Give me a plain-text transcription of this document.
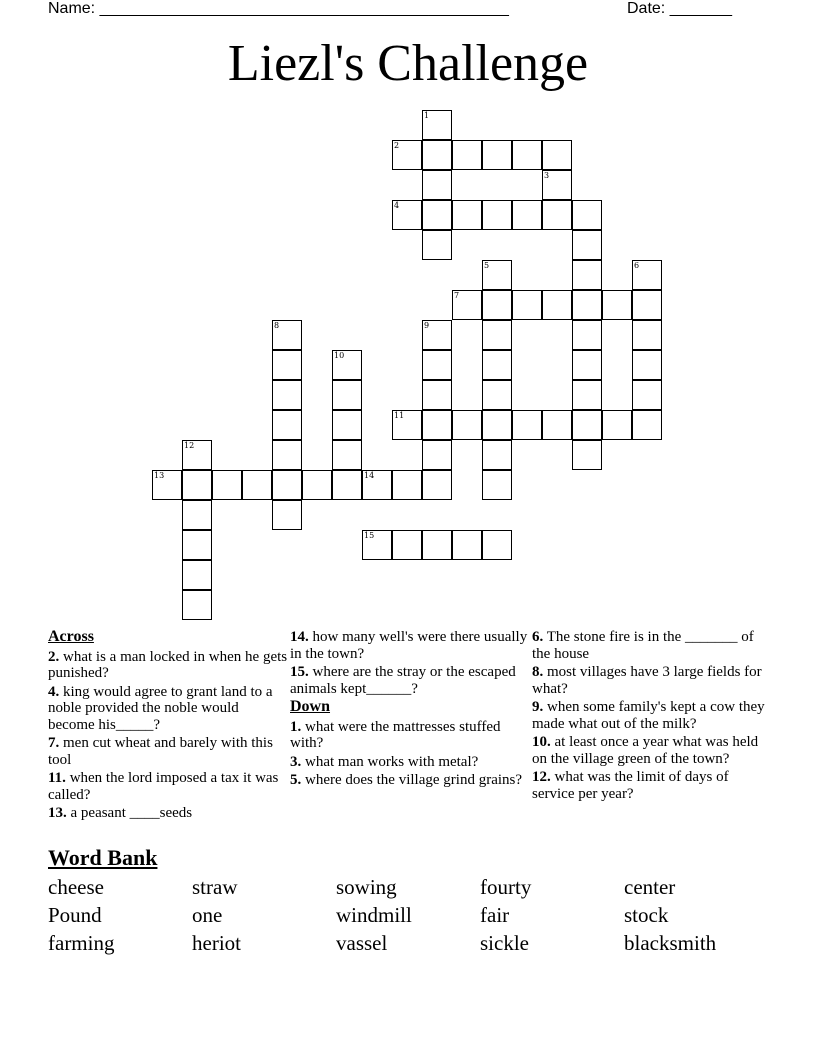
Name: ______________________________________________	Date: _______
Liezl's Challenge
1
2
3
4
5	6
7
8	9
10
11
12
13	14
15
Across
2. what is a man locked in when he gets punished?
4. king would agree to grant land to a noble provided the noble would become his_____?
7. men cut wheat and barely with this tool
11. when the lord imposed a tax it was called?
13. a peasant ____seeds
14. how many well's were there usually in the town?
15. where are the stray or the escaped animals kept______?
Down
1. what were the mattresses stuffed with?
3. what man works with metal?
5. where does the village grind grains?
6. The stone fire is in the _______ of the house
8. most villages have 3 large fields for what?
9. when some family's kept a cow they made what out of the milk?
10. at least once a year what was held on the village green of the town?
12. what was the limit of days of service per year?
Word Bank
cheese	straw	sowing	fourty	center
Pound	one	windmill	fair	stock
farming	heriot	vassel	sickle	blacksmith
